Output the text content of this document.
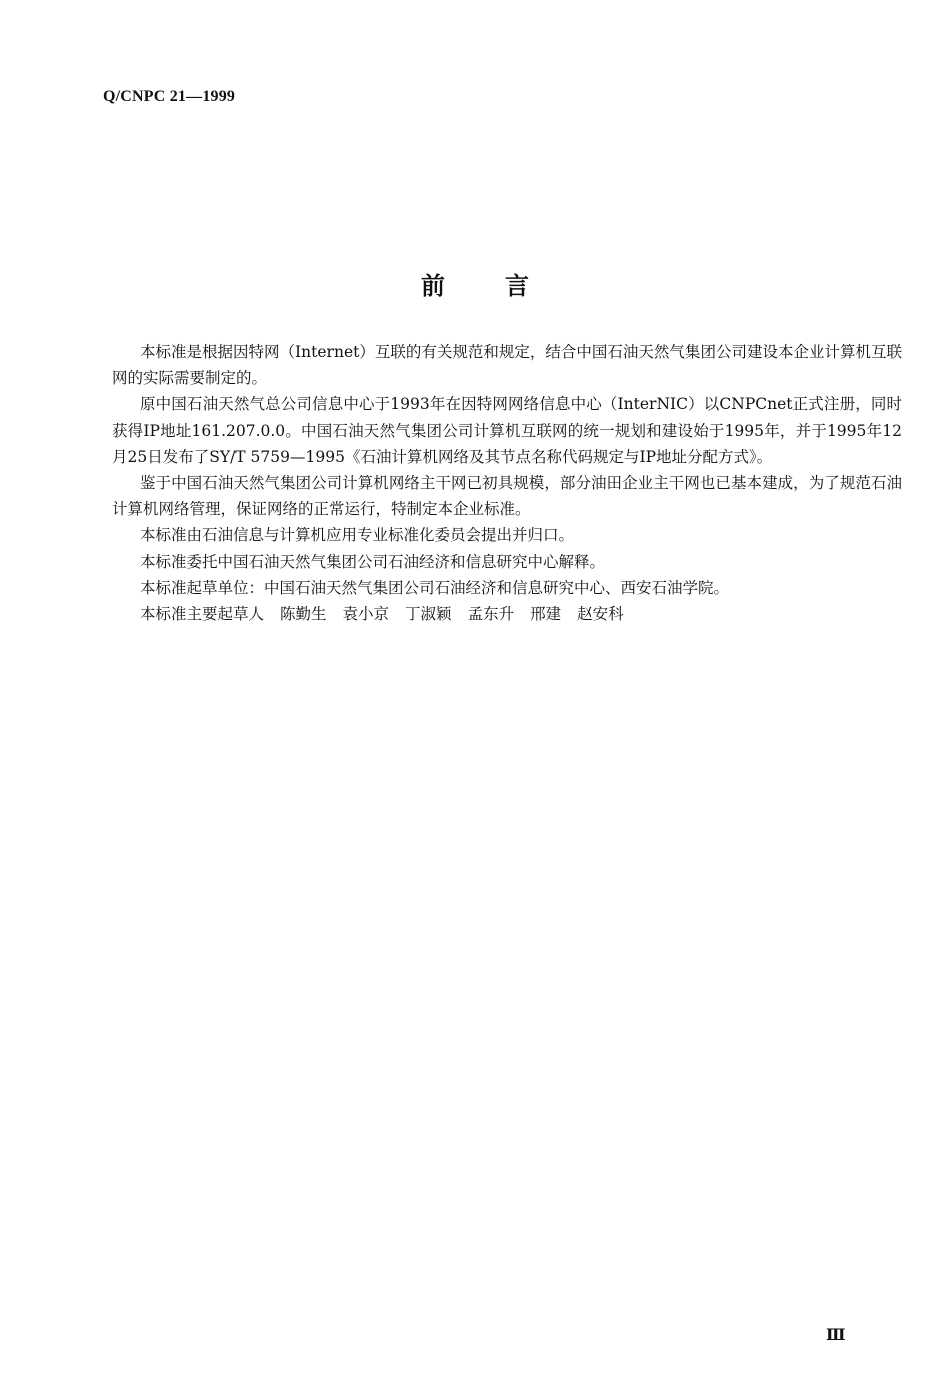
Q/CNPC 21—1999
前言

本标准是根据因特网（Internet）互联的有关规范和规定，结合中国石油天然气集团公司建设本企业计算机互联网的实际需要制定的。

原中国石油天然气总公司信息中心于1993年在因特网网络信息中心（InterNIC）以CNPCnet正式注册，同时获得IP地址161.207.0.0。中国石油天然气集团公司计算机互联网的统一规划和建设始于1995年，并于1995年12月25日发布了SY/T 5759—1995《石油计算机网络及其节点名称代码规定与IP地址分配方式》。

鉴于中国石油天然气集团公司计算机网络主干网已初具规模，部分油田企业主干网也已基本建成，为了规范石油计算机网络管理，保证网络的正常运行，特制定本企业标准。

本标准由石油信息与计算机应用专业标准化委员会提出并归口。

本标准委托中国石油天然气集团公司石油经济和信息研究中心解释。

本标准起草单位：中国石油天然气集团公司石油经济和信息研究中心、西安石油学院。

本标准主要起草人 陈勤生 袁小京 丁淑颖 孟东升 邢建 赵安科

Ⅲ
